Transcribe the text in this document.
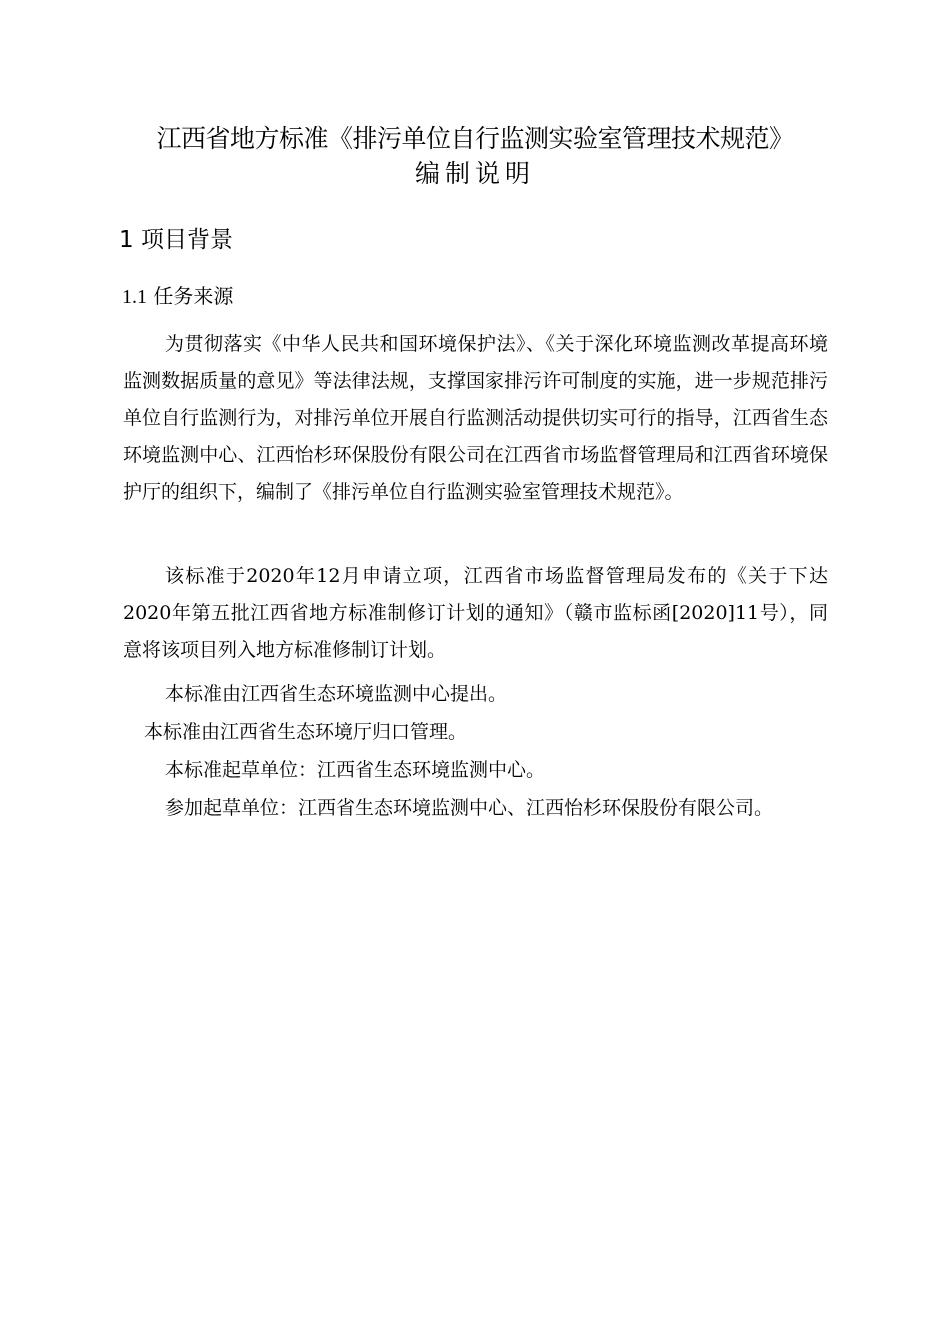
江西省地方标准《排污单位自行监测实验室管理技术规范》
编制说明
1 项目背景
1.1 任务来源

为贯彻落实《中华人民共和国环境保护法》、《关于深化环境监测改革提高环境监测数据质量的意见》等法律法规，支撑国家排污许可制度的实施，进一步规范排污单位自行监测行为，对排污单位开展自行监测活动提供切实可行的指导，江西省生态环境监测中心、江西怡杉环保股份有限公司在江西省市场监督管理局和江西省环境保护厅的组织下，编制了《排污单位自行监测实验室管理技术规范》。

该标准于2020年12月申请立项，江西省市场监督管理局发布的《关于下达2020年第五批江西省地方标准制修订计划的通知》（赣市监标函[2020]11号），同意将该项目列入地方标准修制订计划。

本标准由江西省生态环境监测中心提出。

本标准由江西省生态环境厅归口管理。

本标准起草单位：江西省生态环境监测中心。

参加起草单位：江西省生态环境监测中心、江西怡杉环保股份有限公司。
